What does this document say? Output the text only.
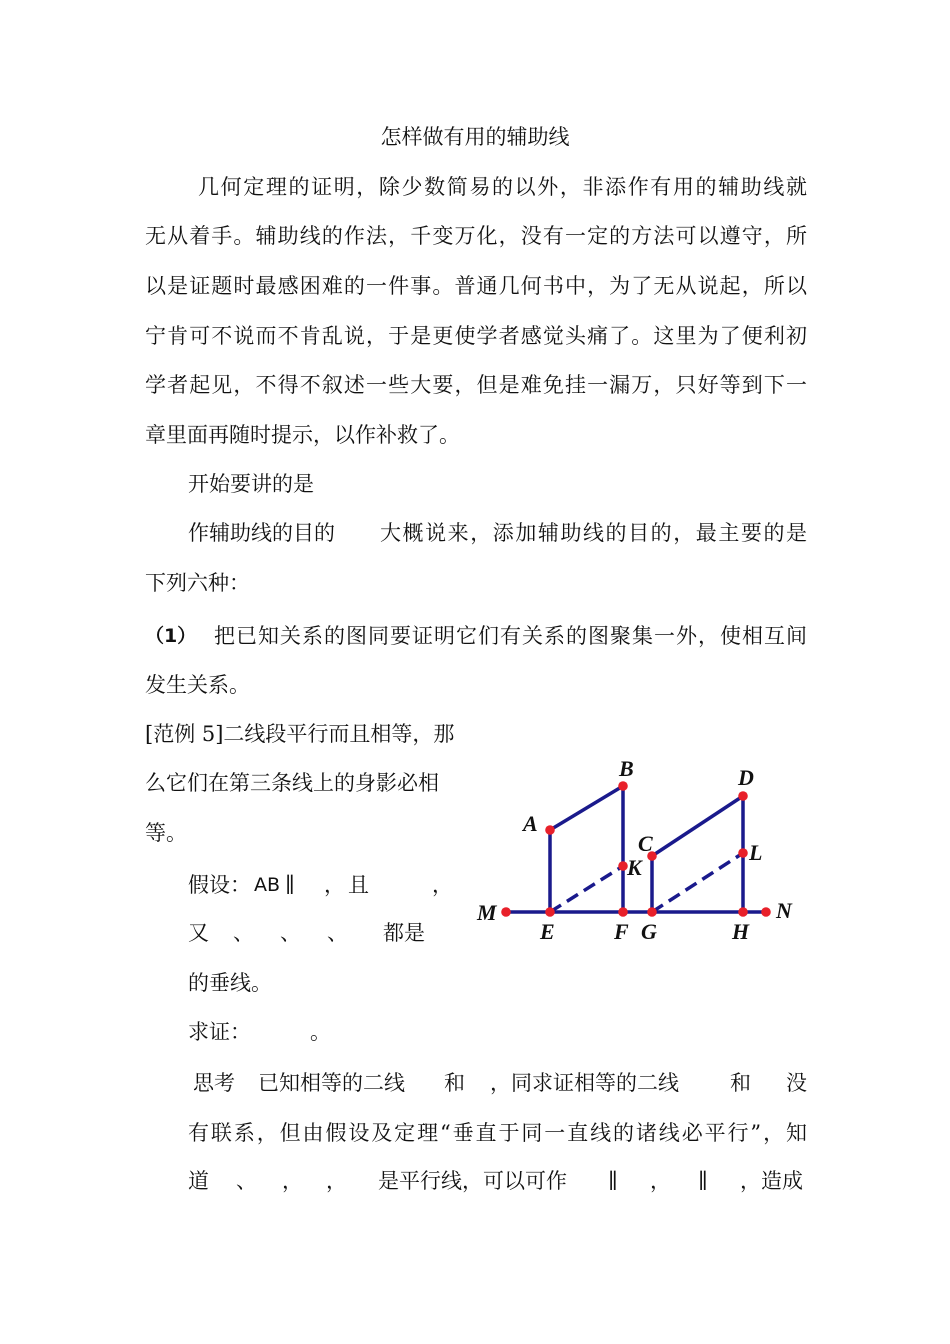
怎样做有用的辅助线
几何定理的证明，除少数简易的以外，非添作有用的辅助线就
无从着手。辅助线的作法，千变万化，没有一定的方法可以遵守，所
以是证题时最感困难的一件事。普通几何书中，为了无从说起，所以
宁肯可不说而不肯乱说，于是更使学者感觉头痛了。这里为了便利初
学者起见，不得不叙述一些大要，但是难免挂一漏万，只好等到下一
章里面再随时提示，以作补救了。
开始要讲的是
作辅助线的目的 大概说来，添加辅助线的目的，最主要的是
下列六种：
（1） 把已知关系的图同要证明它们有关系的图聚集一外，使相互间
发生关系。
[范例 5]二线段平行而且相等，那
么它们在第三条线上的身影必相
等。
假设： AB ∥ ， 且	，
又 、 、 、 都是
的垂线。
求证：	。
思考 已知相等的二线 和 ，同求证相等的二线 和 没
有联系，但由假设及定理“垂直于同一直线的诸线必平行”，知
道 、 ， ， 是平行线，可以可作 ∥ ， ∥ ，造成
A
B
C
D
K
L
M	N
E	F G	H
